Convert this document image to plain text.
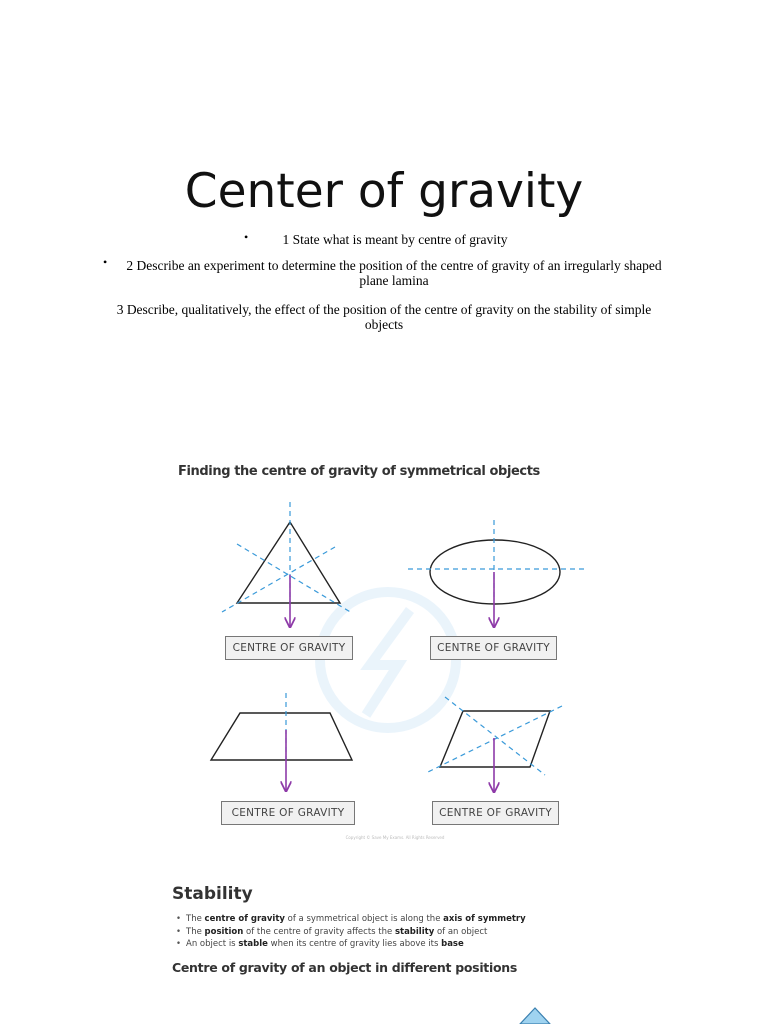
Center of gravity
•	1 State what is meant by centre of gravity
•	2 Describe an experiment to determine the position of the centre of gravity of an irregularly shaped plane lamina
3 Describe, qualitatively, the effect of the position of the centre of gravity on the stability of simple objects
Finding the centre of gravity of symmetrical objects
CENTRE OF GRAVITY	CENTRE OF GRAVITY
CENTRE OF GRAVITY	CENTRE OF GRAVITY
Copyright © Save My Exams. All Rights Reserved
Stability
• The centre of gravity of a symmetrical object is along the axis of symmetry
• The position of the centre of gravity affects the stability of an object
• An object is stable when its centre of gravity lies above its base
Centre of gravity of an object in different positions
